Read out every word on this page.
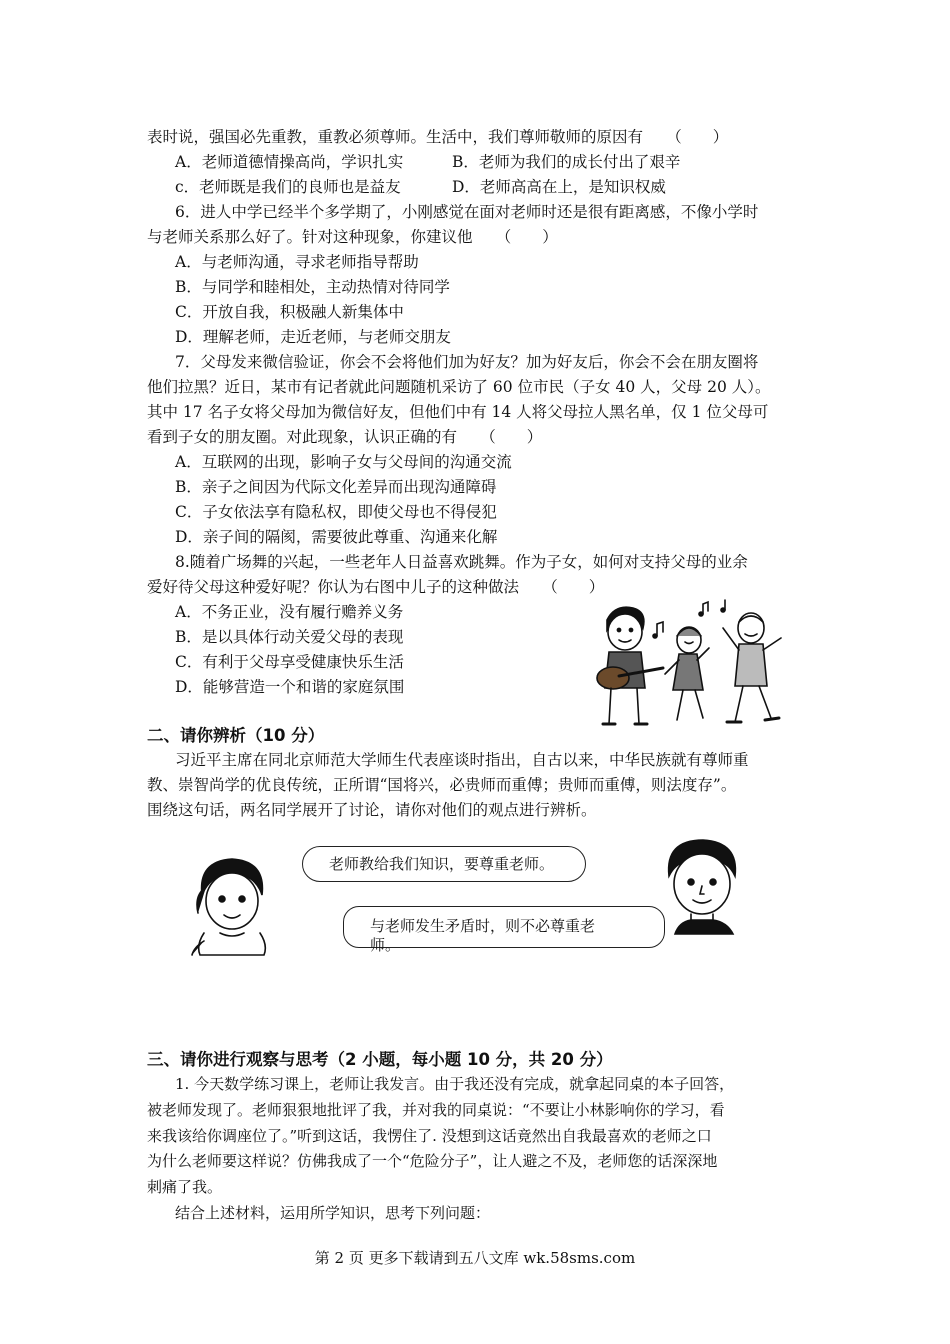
表时说，强国必先重教，重教必须尊师。生活中，我们尊师敬师的原因有　　（　　）
A．老师道德情操高尚，学识扎实	B．老师为我们的成长付出了艰辛
c．老师既是我们的良师也是益友	D．老师高高在上，是知识权威
6．进人中学已经半个多学期了，小刚感觉在面对老师时还是很有距离感，不像小学时
与老师关系那么好了。针对这种现象，你建议他　　（　　）
A．与老师沟通，寻求老师指导帮助
B．与同学和睦相处，主动热情对待同学
C．开放自我，积极融人新集体中
D．理解老师，走近老师，与老师交朋友
7．父母发来微信验证，你会不会将他们加为好友？加为好友后，你会不会在朋友圈将
他们拉黑？近日，某市有记者就此问题随机采访了 60 位市民（子女 40 人，父母 20 人）。
其中 17 名子女将父母加为微信好友，但他们中有 14 人将父母拉人黑名单，仅 1 位父母可
看到子女的朋友圈。对此现象，认识正确的有　　（　　）
A．互联网的出现，影响子女与父母间的沟通交流
B．亲子之间因为代际文化差异而出现沟通障碍
C．子女依法享有隐私权，即使父母也不得侵犯
D．亲子间的隔阂，需要彼此尊重、沟通来化解
8.随着广场舞的兴起，一些老年人日益喜欢跳舞。作为子女，如何对支持父母的业余
爱好待父母这种爱好呢？你认为右图中儿子的这种做法　　（　　）
A．不务正业，没有履行赡养义务
B．是以具体行动关爱父母的表现
C．有利于父母享受健康快乐生活
D．能够营造一个和谐的家庭氛围
二、请你辨析（10 分）
习近平主席在同北京师范大学师生代表座谈时指出，自古以来，中华民族就有尊师重
教、崇智尚学的优良传统，正所谓“国将兴，必贵师而重傅；贵师而重傅，则法度存”。
围绕这句话，两名同学展开了讨论，请你对他们的观点进行辨析。
老师教给我们知识，要尊重老师。
与老师发生矛盾时，则不必尊重老
师。
三、请你进行观察与思考（2 小题，每小题 10 分，共 20 分）
1. 今天数学练习课上，老师让我发言。由于我还没有完成，就拿起同桌的本子回答，
被老师发现了。老师狠狠地批评了我，并对我的同桌说：“不要让小林影响你的学习，看
来我该给你调座位了。”听到这话，我愣住了. 没想到这话竟然出自我最喜欢的老师之口
为什么老师要这样说？仿佛我成了一个“危险分子”，让人避之不及，老师您的话深深地
刺痛了我。
结合上述材料，运用所学知识，思考下列问题：
第 2 页 更多下载请到五八文库 wk.58sms.com
